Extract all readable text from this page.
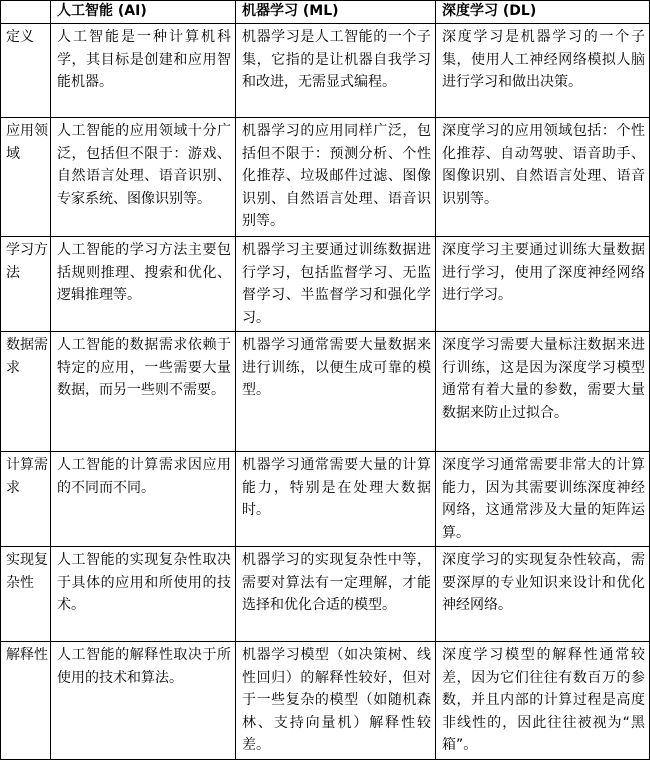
	人工智能 (AI)	机器学习 (ML)	深度学习 (DL)
定义	人工智能是一种计算机科学，其目标是创建和应用智能机器。	机器学习是人工智能的一个子集，它指的是让机器自我学习和改进，无需显式编程。	深度学习是机器学习的一个子集，使用人工神经网络模拟人脑进行学习和做出决策。
应用领域	人工智能的应用领域十分广泛，包括但不限于：游戏、自然语言处理、语音识别、专家系统、图像识别等。	机器学习的应用同样广泛，包括但不限于：预测分析、个性化推荐、垃圾邮件过滤、图像识别、自然语言处理、语音识别等。	深度学习的应用领域包括：个性化推荐、自动驾驶、语音助手、图像识别、自然语言处理、语音识别等。
学习方法	人工智能的学习方法主要包括规则推理、搜索和优化、逻辑推理等。	机器学习主要通过训练数据进行学习，包括监督学习、无监督学习、半监督学习和强化学习。	深度学习主要通过训练大量数据进行学习，使用了深度神经网络进行学习。
数据需求	人工智能的数据需求依赖于特定的应用，一些需要大量数据，而另一些则不需要。	机器学习通常需要大量数据来进行训练，以便生成可靠的模型。	深度学习需要大量标注数据来进行训练，这是因为深度学习模型通常有着大量的参数，需要大量数据来防止过拟合。
计算需求	人工智能的计算需求因应用的不同而不同。	机器学习通常需要大量的计算能力，特别是在处理大数据时。	深度学习通常需要非常大的计算能力，因为其需要训练深度神经网络，这通常涉及大量的矩阵运算。
实现复杂性	人工智能的实现复杂性取决于具体的应用和所使用的技术。	机器学习的实现复杂性中等，需要对算法有一定理解，才能选择和优化合适的模型。	深度学习的实现复杂性较高，需要深厚的专业知识来设计和优化神经网络。
解释性	人工智能的解释性取决于所使用的技术和算法。	机器学习模型（如决策树、线性回归）的解释性较好，但对于一些复杂的模型（如随机森林、支持向量机）解释性较差。	深度学习模型的解释性通常较差，因为它们往往有数百万的参数，并且内部的计算过程是高度非线性的，因此往往被视为“黑箱”。
